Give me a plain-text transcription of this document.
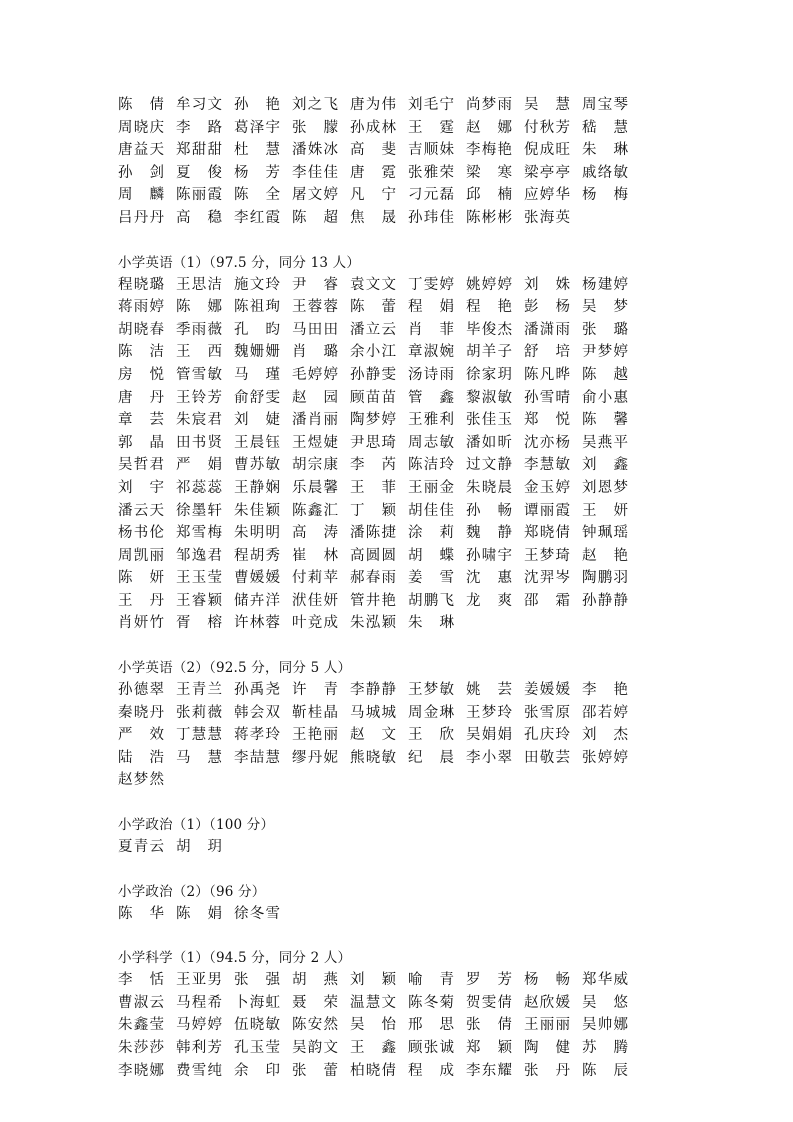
陈　倩 牟习文 孙　艳 刘之飞 唐为伟 刘毛宁 尚梦雨 吴　慧 周宝琴
周晓庆 李　路 葛泽宇 张　朦 孙成林 王　霆 赵　娜 付秋芳 嵇　慧
唐益天 郑甜甜 杜　慧 潘姝冰 高　斐 吉顺妹 李梅艳 倪成旺 朱　琳
孙　剑 夏　俊 杨　芳 李佳佳 唐　霓 张雅荣 梁　寒 梁亭亭 戚络敏
周　麟 陈丽霞 陈　全 屠文婷 凡　宁 刁元磊 邱　楠 应婷华 杨　梅
吕丹丹 高　稳 李红霞 陈　超 焦　晟 孙玮佳 陈彬彬 张海英
小学英语（1）（97.5 分，同分 13 人）
程晓璐 王思洁 施文玲 尹　睿 袁文文 丁雯婷 姚婷婷 刘　姝 杨建婷
蒋雨婷 陈　娜 陈祖珣 王蓉蓉 陈　蕾 程　娟 程　艳 彭　杨 吴　梦
胡晓春 季雨薇 孔　昀 马田田 潘立云 肖　菲 毕俊杰 潘潇雨 张　璐
陈　洁 王　西 魏姗姗 肖　璐 余小江 章淑婉 胡羊子 舒　培 尹梦婷
房　悦 管雪敏 马　瑾 毛婷婷 孙静雯 汤诗雨 徐家玥 陈凡晔 陈　越
唐　丹 王铃芳 俞舒雯 赵　园 顾苗苗 管　鑫 黎淑敏 孙雪晴 俞小惠
章　芸 朱宸君 刘　婕 潘肖丽 陶梦婷 王雅利 张佳玉 郑　悦 陈　馨
郭　晶 田书贤 王晨钰 王煜婕 尹思琦 周志敏 潘如昕 沈亦杨 吴燕平
吴哲君 严　娟 曹苏敏 胡宗康 李　芮 陈洁玲 过文静 李慧敏 刘　鑫
刘　宇 祁蕊蕊 王静娴 乐晨馨 王　菲 王丽金 朱晓晨 金玉婷 刘恩梦
潘云天 徐墨轩 朱佳颖 陈鑫汇 丁　颖 胡佳佳 孙　畅 谭丽霞 王　妍
杨书伦 郑雪梅 朱明明 高　涛 潘陈捷 涂　莉 魏　静 郑晓倩 钟珮瑶
周凯丽 邹逸君 程胡秀 崔　林 高圆圆 胡　蝶 孙啸宇 王梦琦 赵　艳
陈　妍 王玉莹 曹媛媛 付莉苹 郝春雨 姜　雪 沈　惠 沈羿岑 陶鹏羽
王　丹 王睿颖 储卉洋 洑佳妍 管井艳 胡鹏飞 龙　爽 邵　霜 孙静静
肖妍竹 胥　榕 许林蓉 叶竞成 朱泓颖 朱　琳
小学英语（2）（92.5 分，同分 5 人）
孙德翠 王青兰 孙禹尧 许　青 李静静 王梦敏 姚　芸 姜媛媛 李　艳
秦晓丹 张莉薇 韩会双 靳桂晶 马城城 周金琳 王梦玲 张雪原 邵若婷
严　效 丁慧慧 蒋孝玲 王艳丽 赵　文 王　欣 吴娟娟 孔庆玲 刘　杰
陆　浩 马　慧 李喆慧 缪丹妮 熊晓敏 纪　晨 李小翠 田敬芸 张婷婷
赵梦然
小学政治（1）（100 分）
夏青云 胡　玥
小学政治（2）（96 分）
陈　华 陈　娟 徐冬雪
小学科学（1）（94.5 分，同分 2 人）
李　恬 王亚男 张　强 胡　燕 刘　颖 喻　青 罗　芳 杨　畅 郑华威
曹淑云 马程希 卜海虹 聂　荣 温慧文 陈冬菊 贺雯倩 赵欣媛 吴　悠
朱鑫莹 马婷婷 伍晓敏 陈安然 吴　怡 邢　思 张　倩 王丽丽 吴帅娜
朱莎莎 韩利芳 孔玉莹 吴韵文 王　鑫 顾张诚 郑　颖 陶　健 苏　腾
李晓娜 费雪纯 余　印 张　蕾 柏晓倩 程　成 李东耀 张　丹 陈　辰
